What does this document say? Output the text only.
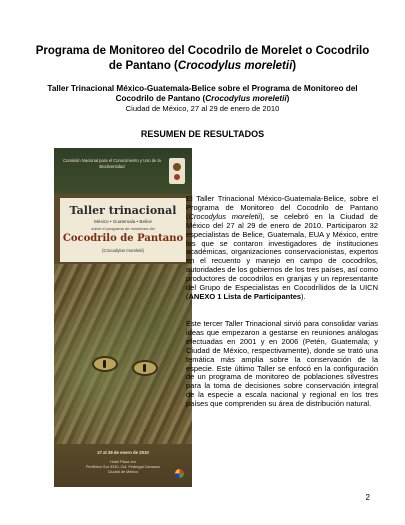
Programa de Monitoreo del Cocodrilo de Morelet o Cocodrilo
de Pantano (Crocodylus moreletii)
Taller Trinacional México-Guatemala-Belice sobre el Programa de Monitoreo del
Cocodrilo de Pantano (Crocodylus moreletii)
Ciudad de México, 27 al 29 de enero de 2010
RESUMEN DE RESULTADOS
Comisión Nacional para el Conocimiento y Uso de la Biodiversidad
Taller trinacional
México • Guatemala • Belice
sobre el programa de monitoreo del
Cocodrilo de Pantano
(Crocodylus moreletii)
27 al 29 de enero de 2010
Hotel Plaza Inn
Periférico Sur 3330, Col. Pedregal Carrasco
Ciudad de México
El Taller Trinacional México-Guatemala-Belice, sobre el Programa de Monitoreo del Cocodrilo de Pantano (Crocodylus moreletii), se celebró en la Ciudad de México del 27 al 29 de enero de 2010. Participaron 32 especialistas de Belice, Guatemala, EUA y México, entre los que se contaron investigadores de instituciones académicas, organizaciones conservacionistas, expertos en el recuento y manejo en campo de cocodrilos, autoridades de los gobiernos de los tres países, así como productores de cocodrilos en granjas y un representante del Grupo de Especialistas en Cocodrílidos de la UICN (ANEXO 1 Lista de Participantes).
Este tercer Taller Trinacional sirvió para consolidar varias ideas que empezaron a gestarse en reuniones análogas efectuadas en 2001 y en 2006 (Petén, Guatemala; y Ciudad de México, respectivamente), donde se trató una temática más amplia sobre la conservación de la especie. Este último Taller se enfocó en la configuración de un programa de monitoreo de poblaciones silvestres para la toma de decisiones sobre conservación integral de la especie a escala nacional y regional en los tres países que comprenden su área de distribución natural.
2
